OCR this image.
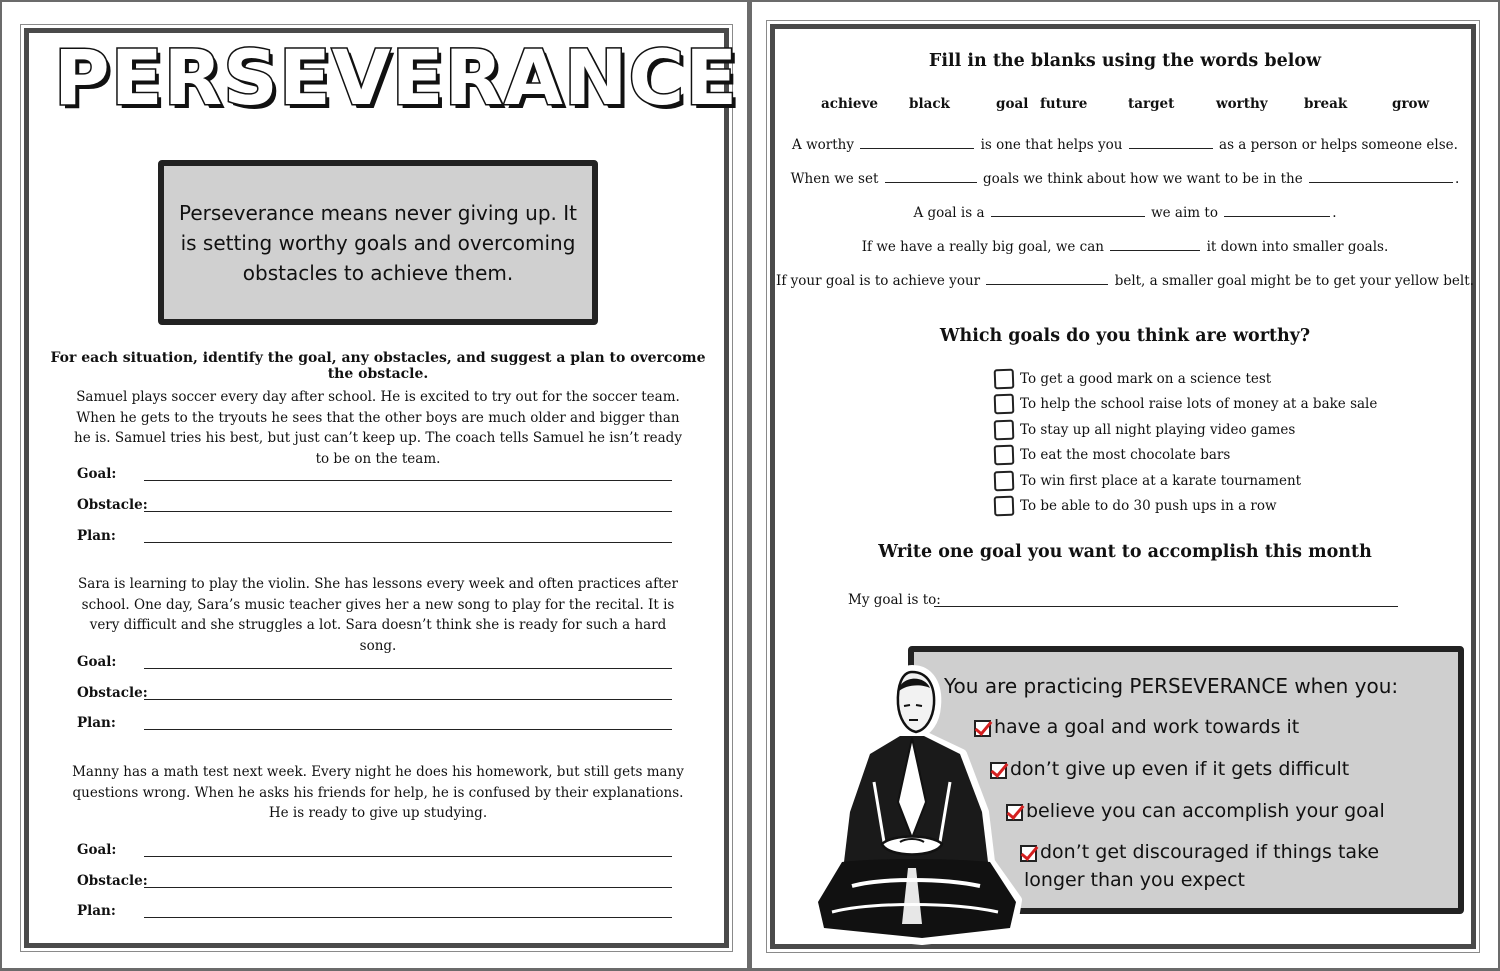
PERSEVERANCE
Perseverance means never giving up. It is setting worthy goals and overcoming obstacles to achieve them.
For each situation, identify the goal, any obstacles, and suggest a plan to overcome the obstacle.
Samuel plays soccer every day after school. He is excited to try out for the soccer team. When he gets to the tryouts he sees that the other boys are much older and bigger than he is. Samuel tries his best, but just can’t keep up. The coach tells Samuel he isn’t ready to be on the team.
Goal:
Obstacle:
Plan:
Sara is learning to play the violin. She has lessons every week and often practices after school. One day, Sara’s music teacher gives her a new song to play for the recital. It is very difficult and she struggles a lot. Sara doesn’t think she is ready for such a hard song.
Goal:
Obstacle:
Plan:
Manny has a math test next week. Every night he does his homework, but still gets many questions wrong. When he asks his friends for help, he is confused by their explanations. He is ready to give up studying.
Goal:
Obstacle:
Plan:
Fill in the blanks using the words below
achieve black	goal future	target	worthy	break	grow
A worthy	is one that helps you	as a person or helps someone else.
When we set	goals we think about how we want to be in the	.
A goal is a	we aim to	.
If we have a really big goal, we can	it down into smaller goals.
If your goal is to achieve your	belt, a smaller goal might be to get your yellow belt.
Which goals do you think are worthy?
To get a good mark on a science test
To help the school raise lots of money at a bake sale
To stay up all night playing video games
To eat the most chocolate bars
To win first place at a karate tournament
To be able to do 30 push ups in a row
Write one goal you want to accomplish this month
My goal is to:
You are practicing PERSEVERANCE when you:
have a goal and work towards it
don’t give up even if it gets difficult
believe you can accomplish your goal
don’t get discouraged if things take
longer than you expect
